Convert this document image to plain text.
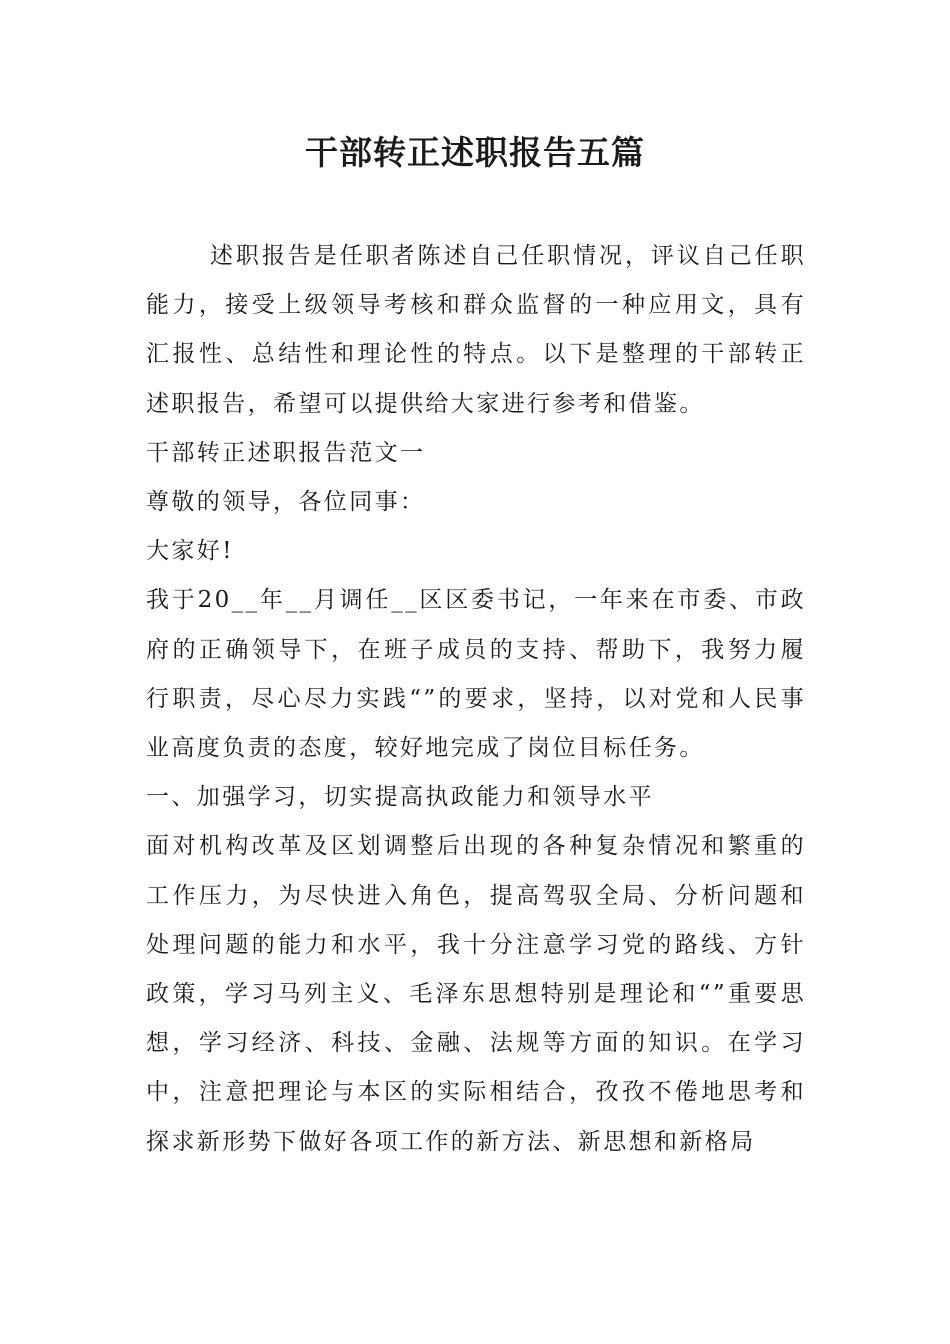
干部转正述职报告五篇

述职报告是任职者陈述自己任职情况，评议自己任职能力，接受上级领导考核和群众监督的一种应用文，具有汇报性、总结性和理论性的特点。以下是整理的干部转正述职报告，希望可以提供给大家进行参考和借鉴。

干部转正述职报告范文一

尊敬的领导，各位同事：

大家好!

我于20__年__月调任__区区委书记，一年来在市委、市政府的正确领导下，在班子成员的支持、帮助下，我努力履行职责，尽心尽力实践“”的要求，坚持，以对党和人民事业高度负责的态度，较好地完成了岗位目标任务。

一、加强学习，切实提高执政能力和领导水平

面对机构改革及区划调整后出现的各种复杂情况和繁重的工作压力，为尽快进入角色，提高驾驭全局、分析问题和处理问题的能力和水平，我十分注意学习党的路线、方针政策，学习马列主义、毛泽东思想特别是理论和“”重要思想，学习经济、科技、金融、法规等方面的知识。在学习中，注意把理论与本区的实际相结合，孜孜不倦地思考和探求新形势下做好各项工作的新方法、新思想和新格局
